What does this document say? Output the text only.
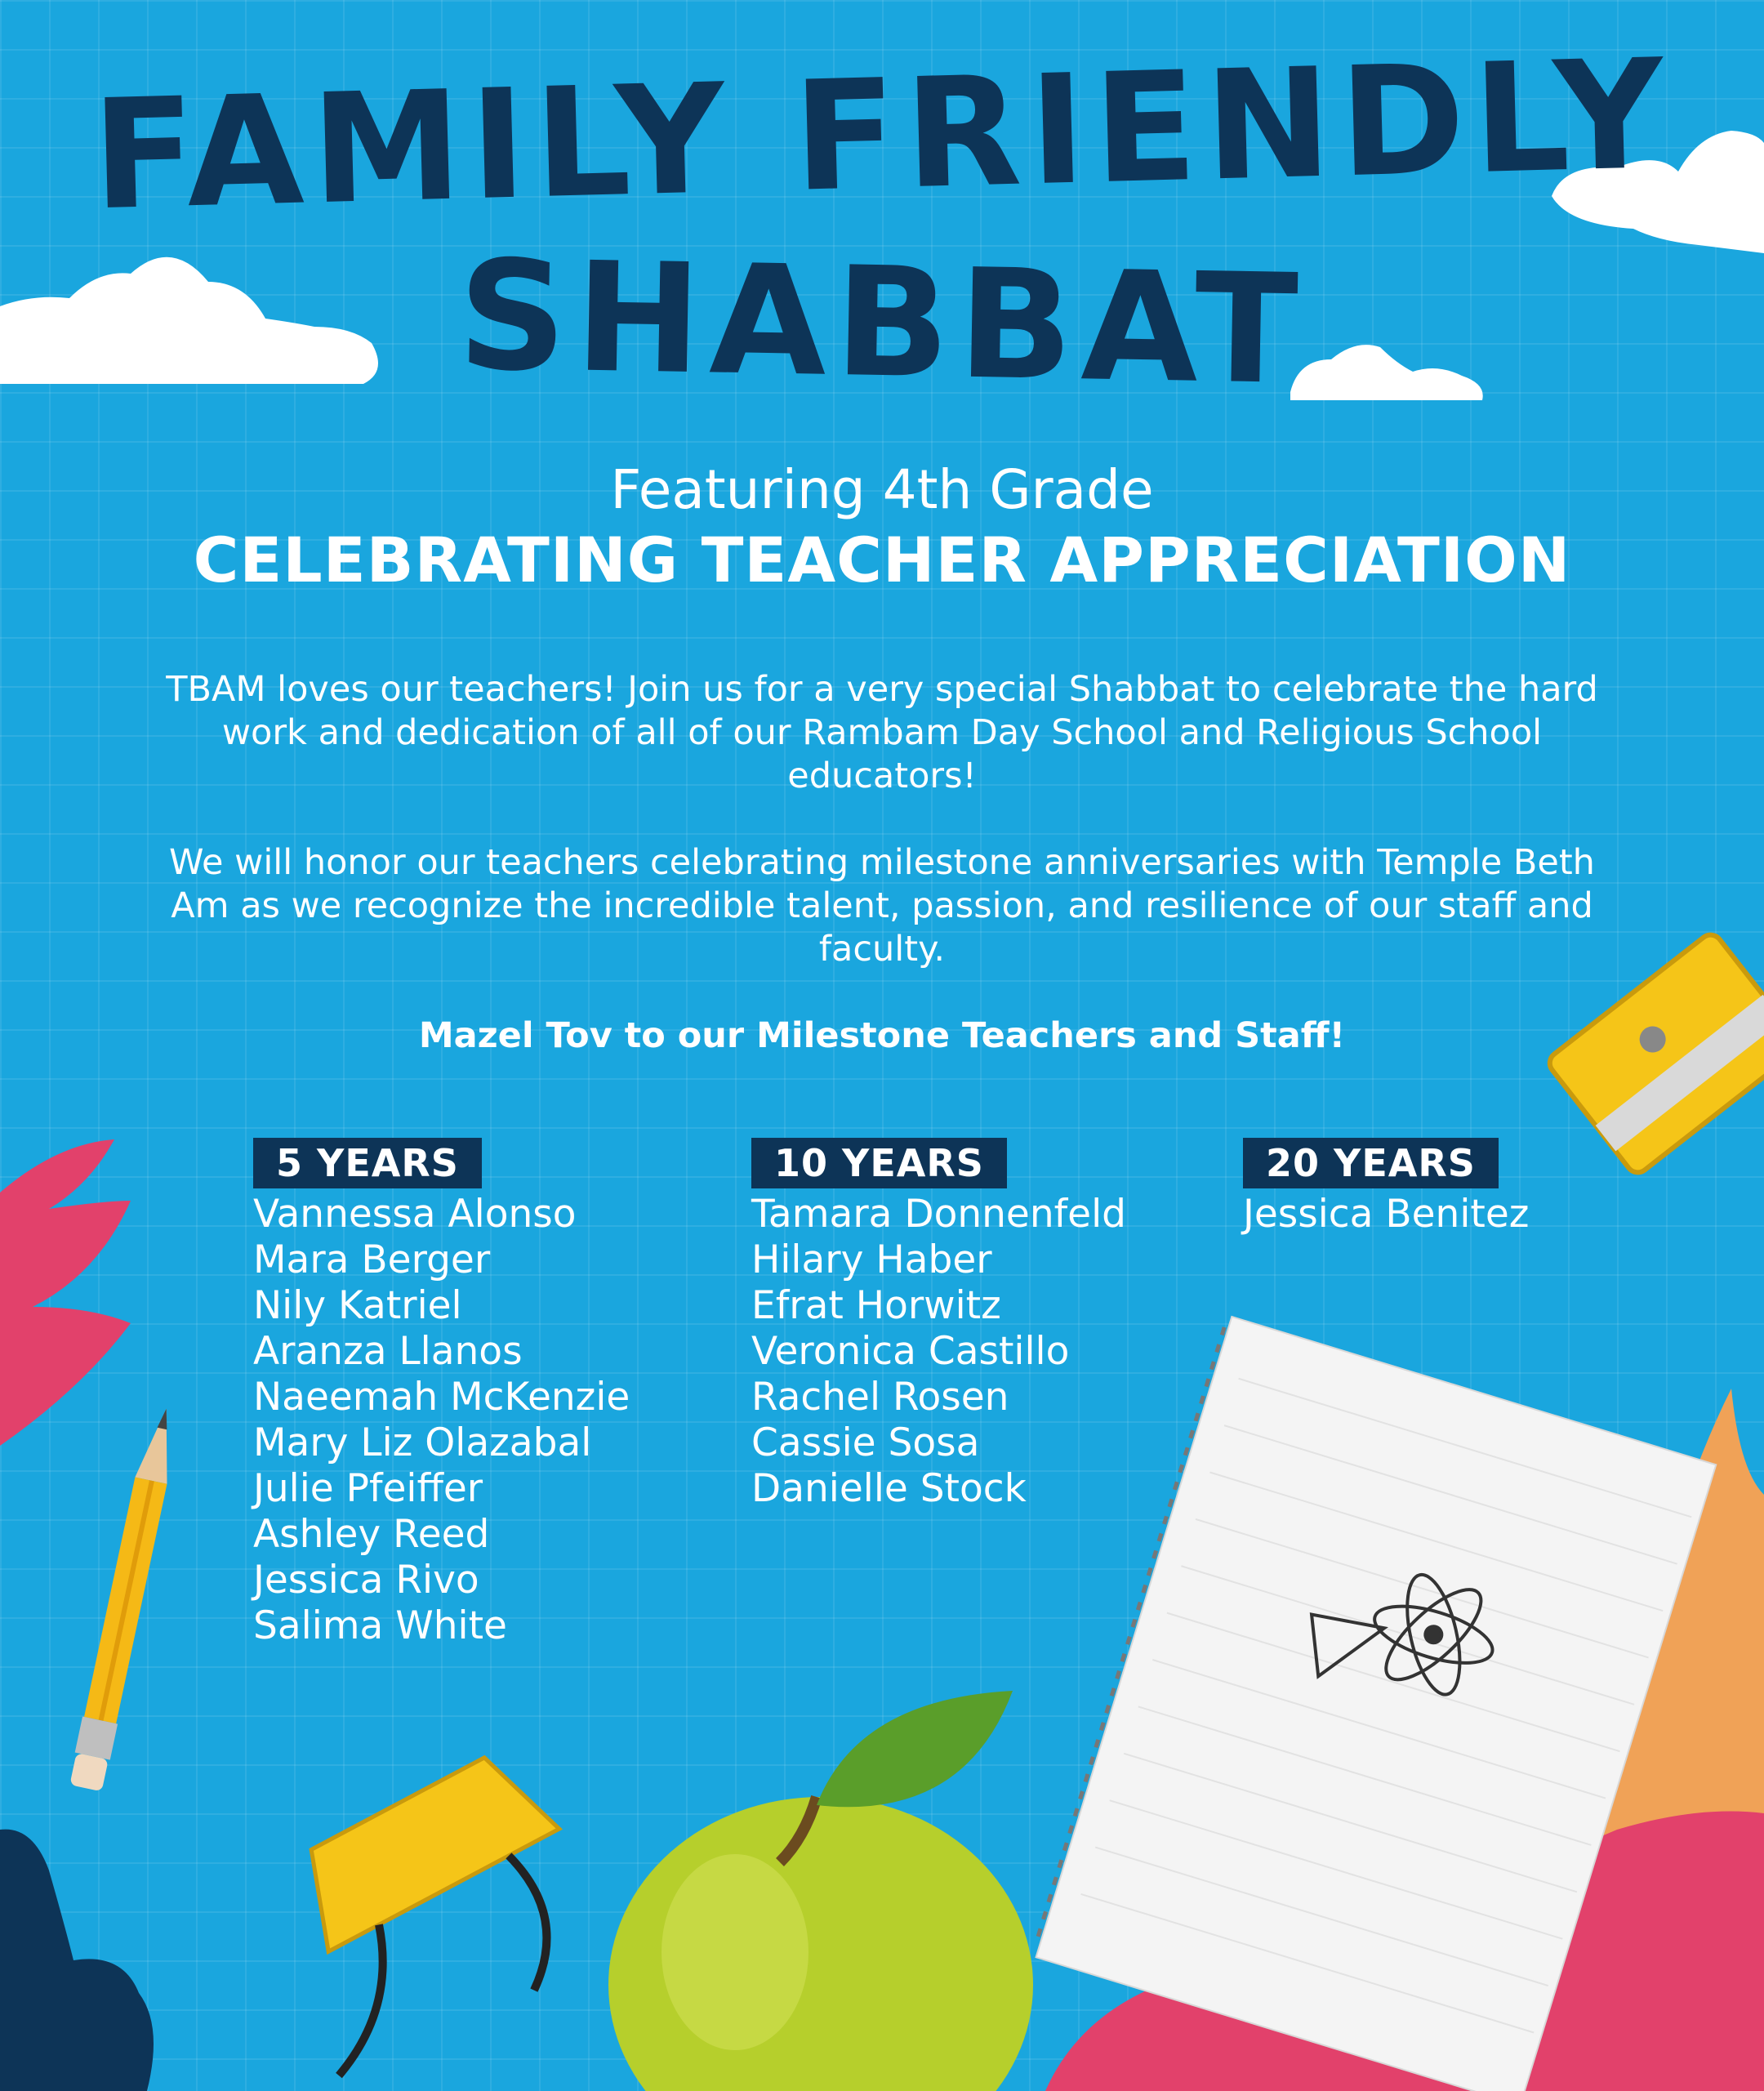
FAMILY FRIENDLY
SHABBAT

Featuring 4th Grade

CELEBRATING TEACHER APPRECIATION

TBAM loves our teachers! Join us for a very special Shabbat to celebrate the hard work and dedication of all of our Rambam Day School and Religious School educators!

We will honor our teachers celebrating milestone anniversaries with Temple Beth Am as we recognize the incredible talent, passion, and resilience of our staff and faculty.

Mazel Tov to our Milestone Teachers and Staff!

5 YEARS
Vannessa Alonso
Mara Berger
Nily Katriel
Aranza Llanos
Naeemah McKenzie
Mary Liz Olazabal
Julie Pfeiffer
Ashley Reed
Jessica Rivo
Salima White
10 YEARS
Tamara Donnenfeld
Hilary Haber
Efrat Horwitz
Veronica Castillo
Rachel Rosen
Cassie Sosa
Danielle Stock
20 YEARS
Jessica Benitez
